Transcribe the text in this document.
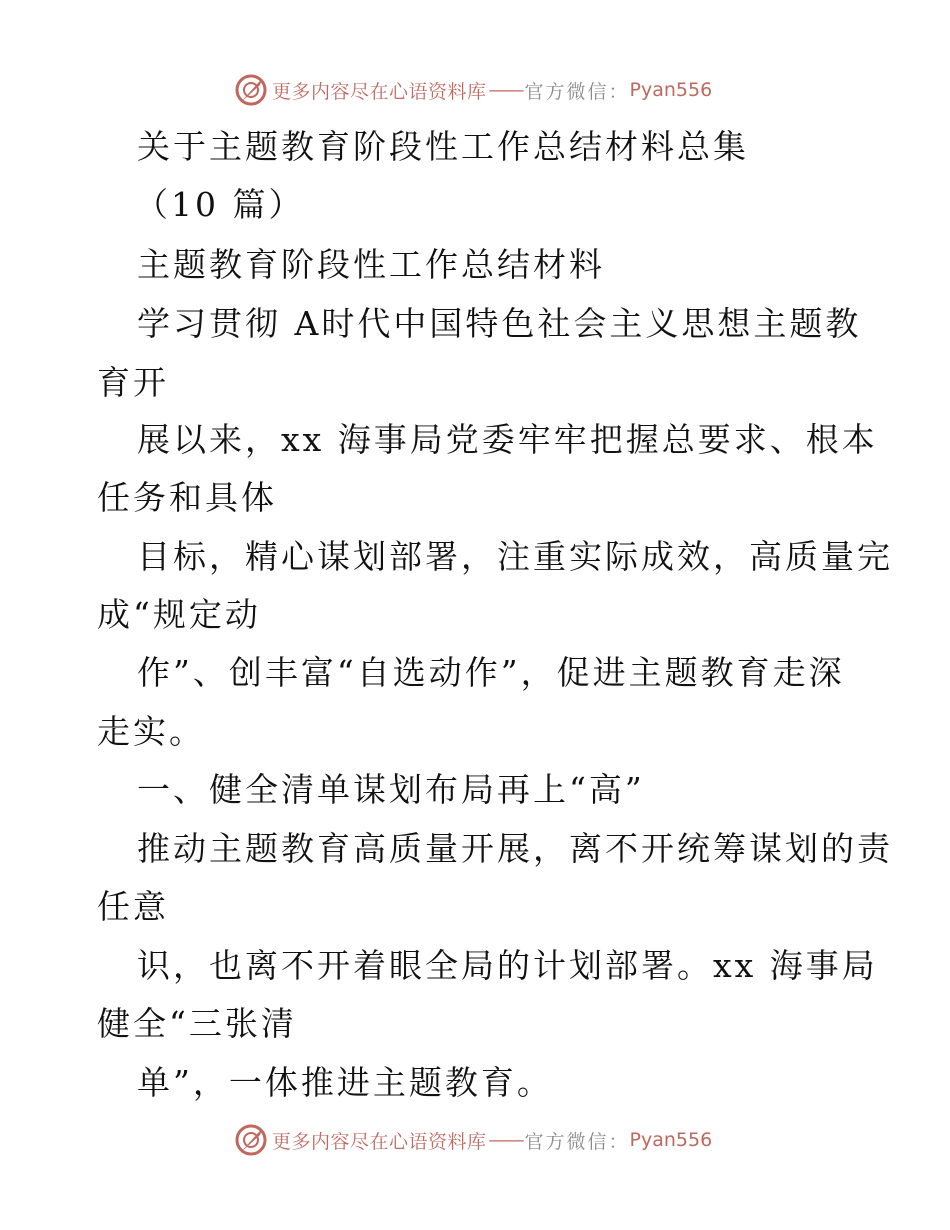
更多内容尽在心语资料库 —— 官方微信： Pyan556
关于主题教育阶段性工作总结材料总集
（10 篇）
主题教育阶段性工作总结材料
学习贯彻 A时代中国特色社会主义思想主题教
育开
展以来，xx 海事局党委牢牢把握总要求、根本
任务和具体
目标，精心谋划部署，注重实际成效，高质量完
成“规定动
作”、创丰富“自选动作”，促进主题教育走深
走实。
一、健全清单谋划布局再上“高”
推动主题教育高质量开展，离不开统筹谋划的责
任意
识，也离不开着眼全局的计划部署。xx 海事局
健全“三张清
单”，一体推进主题教育。
更多内容尽在心语资料库 —— 官方微信： Pyan556
